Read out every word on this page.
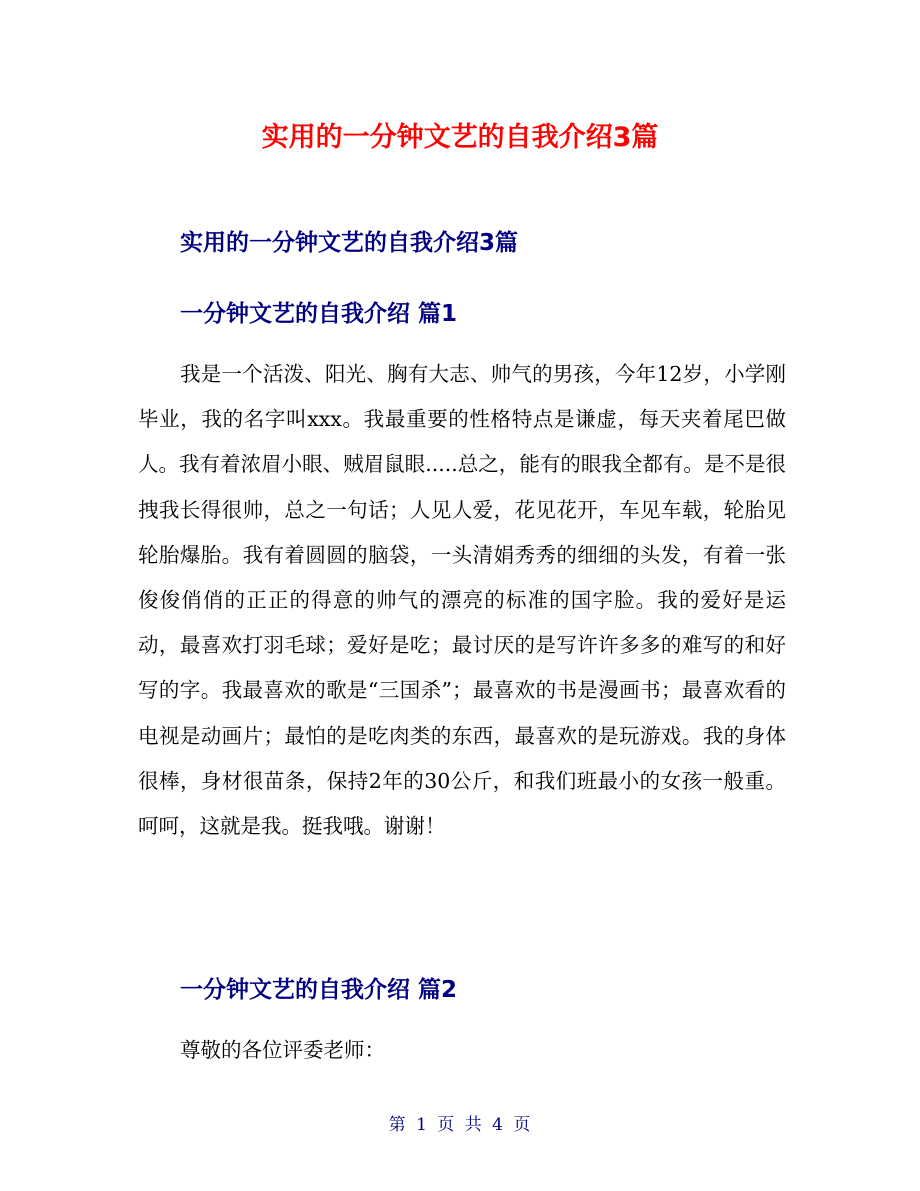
实用的一分钟文艺的自我介绍3篇
实用的一分钟文艺的自我介绍3篇
一分钟文艺的自我介绍 篇1

我是一个活泼、阳光、胸有大志、帅气的男孩，今年12岁，小学刚毕业，我的名字叫xxx。我最重要的性格特点是谦虚，每天夹着尾巴做人。我有着浓眉小眼、贼眉鼠眼.....总之，能有的眼我全都有。是不是很拽我长得很帅，总之一句话；人见人爱，花见花开，车见车载，轮胎见轮胎爆胎。我有着圆圆的脑袋，一头清娟秀秀的细细的头发，有着一张俊俊俏俏的正正的得意的帅气的漂亮的标准的国字脸。我的爱好是运动，最喜欢打羽毛球；爱好是吃；最讨厌的是写许许多多的难写的和好写的字。我最喜欢的歌是“三国杀”；最喜欢的书是漫画书；最喜欢看的电视是动画片；最怕的是吃肉类的东西，最喜欢的是玩游戏。我的身体很棒，身材很苗条，保持2年的30公斤，和我们班最小的女孩一般重。呵呵，这就是我。挺我哦。谢谢！

一分钟文艺的自我介绍 篇2

尊敬的各位评委老师：

第 1 页 共 4 页
